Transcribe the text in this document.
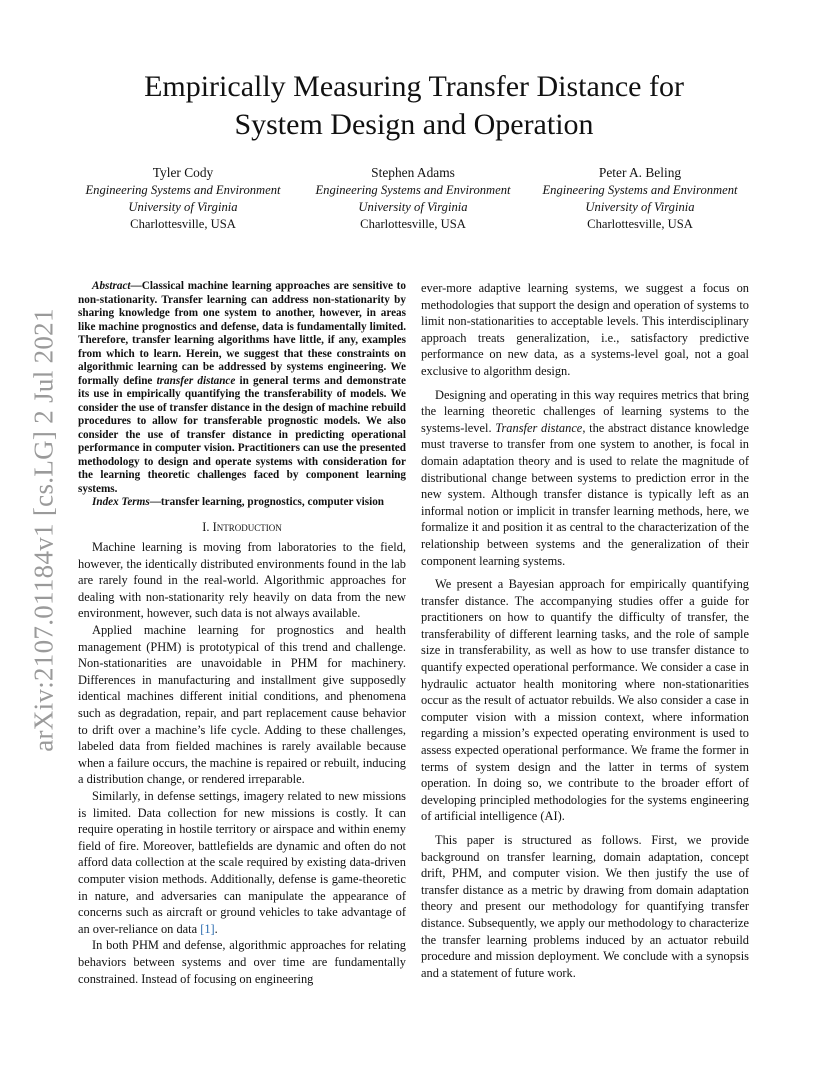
Empirically Measuring Transfer Distance for
System Design and Operation
Tyler Cody
Engineering Systems and Environment
University of Virginia
Charlottesville, USA
Stephen Adams
Engineering Systems and Environment
University of Virginia
Charlottesville, USA
Peter A. Beling
Engineering Systems and Environment
University of Virginia
Charlottesville, USA
arXiv:2107.01184v1 [cs.LG] 2 Jul 2021

Abstract—Classical machine learning approaches are sensitive to non-stationarity. Transfer learning can address non-stationarity by sharing knowledge from one system to another, however, in areas like machine prognostics and defense, data is fundamentally limited. Therefore, transfer learning algorithms have little, if any, examples from which to learn. Herein, we suggest that these constraints on algorithmic learning can be addressed by systems engineering. We formally define transfer distance in general terms and demonstrate its use in empirically quantifying the transferability of models. We consider the use of transfer distance in the design of machine rebuild procedures to allow for transferable prognostic models. We also consider the use of transfer distance in predicting operational performance in computer vision. Practitioners can use the presented methodology to design and operate systems with consideration for the learning theoretic challenges faced by component learning systems.

Index Terms—transfer learning, prognostics, computer vision

I. Introduction

Machine learning is moving from laboratories to the field, however, the identically distributed environments found in the lab are rarely found in the real-world. Algorithmic approaches for dealing with non-stationarity rely heavily on data from the new environment, however, such data is not always available.

Applied machine learning for prognostics and health management (PHM) is prototypical of this trend and challenge. Non-stationarities are unavoidable in PHM for machinery. Differences in manufacturing and installment give supposedly identical machines different initial conditions, and phenomena such as degradation, repair, and part replacement cause behavior to drift over a machine’s life cycle. Adding to these challenges, labeled data from fielded machines is rarely available because when a failure occurs, the machine is repaired or rebuilt, inducing a distribution change, or rendered irreparable.

Similarly, in defense settings, imagery related to new missions is limited. Data collection for new missions is costly. It can require operating in hostile territory or airspace and within enemy field of fire. Moreover, battlefields are dynamic and often do not afford data collection at the scale required by existing data-driven computer vision methods. Additionally, defense is game-theoretic in nature, and adversaries can manipulate the appearance of concerns such as aircraft or ground vehicles to take advantage of an over-reliance on data [1].

In both PHM and defense, algorithmic approaches for relating behaviors between systems and over time are fundamentally constrained. Instead of focusing on engineering

ever-more adaptive learning systems, we suggest a focus on methodologies that support the design and operation of systems to limit non-stationarities to acceptable levels. This interdisciplinary approach treats generalization, i.e., satisfactory predictive performance on new data, as a systems-level goal, not a goal exclusive to algorithm design.

Designing and operating in this way requires metrics that bring the learning theoretic challenges of learning systems to the systems-level. Transfer distance, the abstract distance knowledge must traverse to transfer from one system to another, is focal in domain adaptation theory and is used to relate the magnitude of distributional change between systems to prediction error in the new system. Although transfer distance is typically left as an informal notion or implicit in transfer learning methods, here, we formalize it and position it as central to the characterization of the relationship between systems and the generalization of their component learning systems.

We present a Bayesian approach for empirically quantifying transfer distance. The accompanying studies offer a guide for practitioners on how to quantify the difficulty of transfer, the transferability of different learning tasks, and the role of sample size in transferability, as well as how to use transfer distance to quantify expected operational performance. We consider a case in hydraulic actuator health monitoring where non-stationarities occur as the result of actuator rebuilds. We also consider a case in computer vision with a mission context, where information regarding a mission’s expected operating environment is used to assess expected operational performance. We frame the former in terms of system design and the latter in terms of system operation. In doing so, we contribute to the broader effort of developing principled methodologies for the systems engineering of artificial intelligence (AI).

This paper is structured as follows. First, we provide background on transfer learning, domain adaptation, concept drift, PHM, and computer vision. We then justify the use of transfer distance as a metric by drawing from domain adaptation theory and present our methodology for quantifying transfer distance. Subsequently, we apply our methodology to characterize the transfer learning problems induced by an actuator rebuild procedure and mission deployment. We conclude with a synopsis and a statement of future work.
